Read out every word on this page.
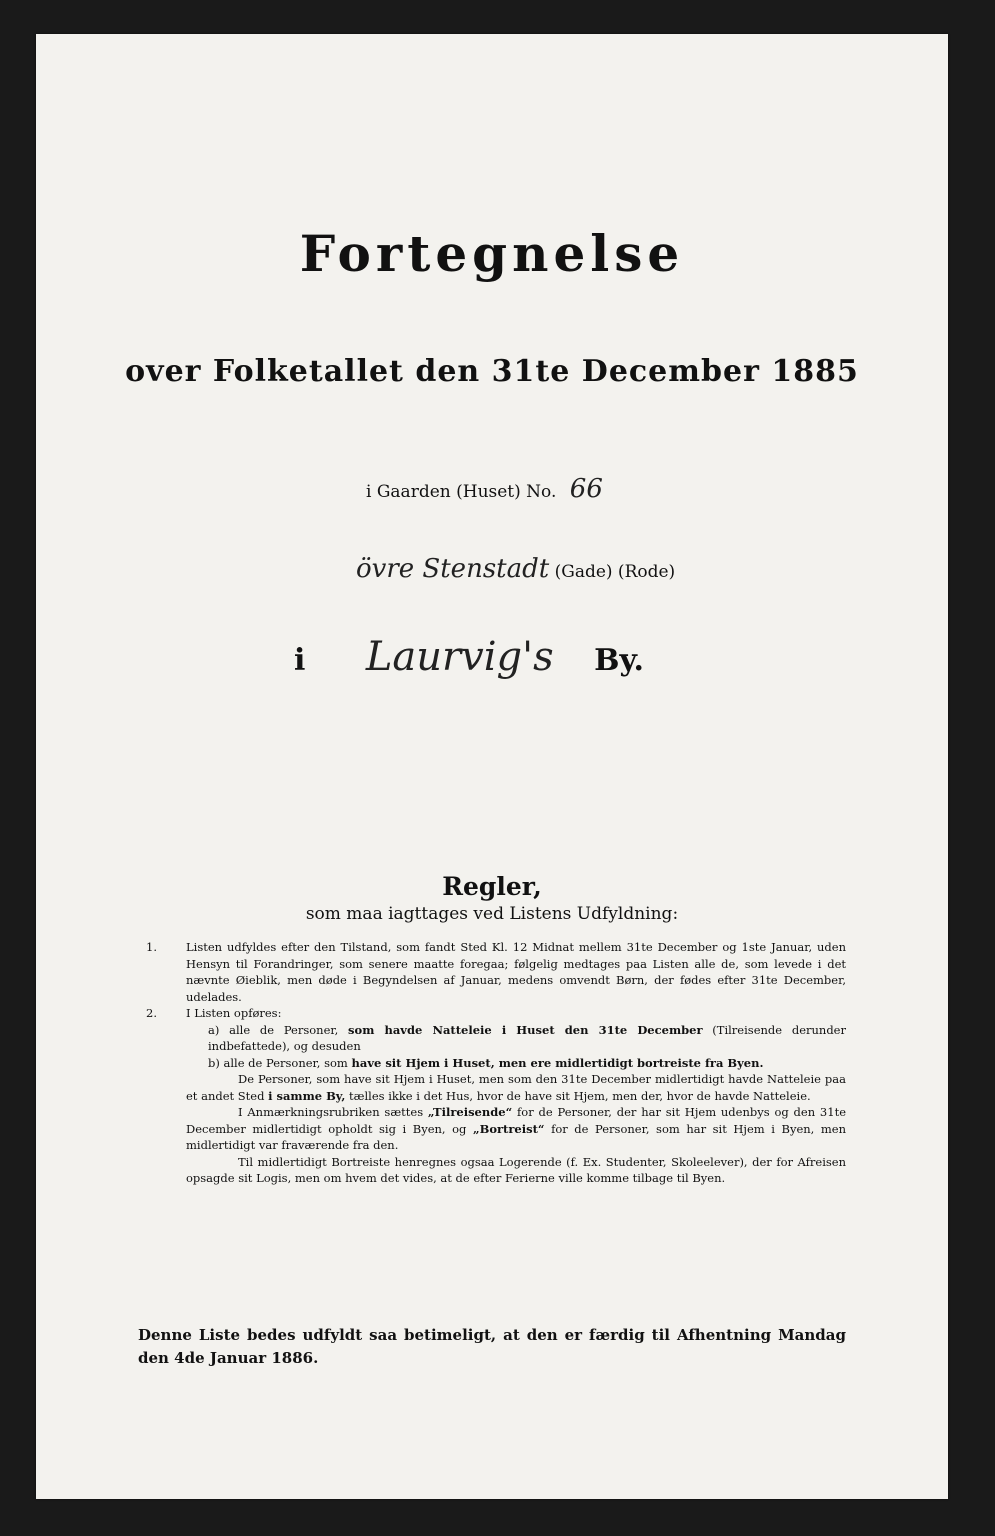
Fortegnelse
over Folketallet den 31te December 1885
i Gaarden (Huset) No. 66
övre Stenstadt (Gade) (Rode)
i Laurvig's By.
Regler,
som maa iagttages ved Listens Udfyldning:

1.	Listen udfyldes efter den Tilstand, som fandt Sted Kl. 12 Midnat mellem 31te December og 1ste Januar, uden Hensyn til Forandringer, som senere maatte foregaa; følgelig medtages paa Listen alle de, som levede i det nævnte Øieblik, men døde i Begyndelsen af Januar, medens omvendt Børn, der fødes efter 31te December, udelades.

2.	I Listen opføres:

a) alle de Personer, som havde Natteleie i Huset den 31te December (Tilreisende derunder indbefattede), og desuden

b) alle de Personer, som have sit Hjem i Huset, men ere midlertidigt bortreiste fra Byen.

De Personer, som have sit Hjem i Huset, men som den 31te December midlertidigt havde Natteleie paa et andet Sted i samme By, tælles ikke i det Hus, hvor de have sit Hjem, men der, hvor de havde Natteleie.

I Anmærkningsrubriken sættes „Tilreisende“ for de Personer, der har sit Hjem udenbys og den 31te December midlertidigt opholdt sig i Byen, og „Bortreist“ for de Personer, som har sit Hjem i Byen, men midlertidigt var fraværende fra den.

Til midlertidigt Bortreiste henregnes ogsaa Logerende (f. Ex. Studenter, Skoleelever), der for Afreisen opsagde sit Logis, men om hvem det vides, at de efter Ferierne ville komme tilbage til Byen.

Denne Liste bedes udfyldt saa betimeligt, at den er færdig til Afhentning Mandag den 4de Januar 1886.
